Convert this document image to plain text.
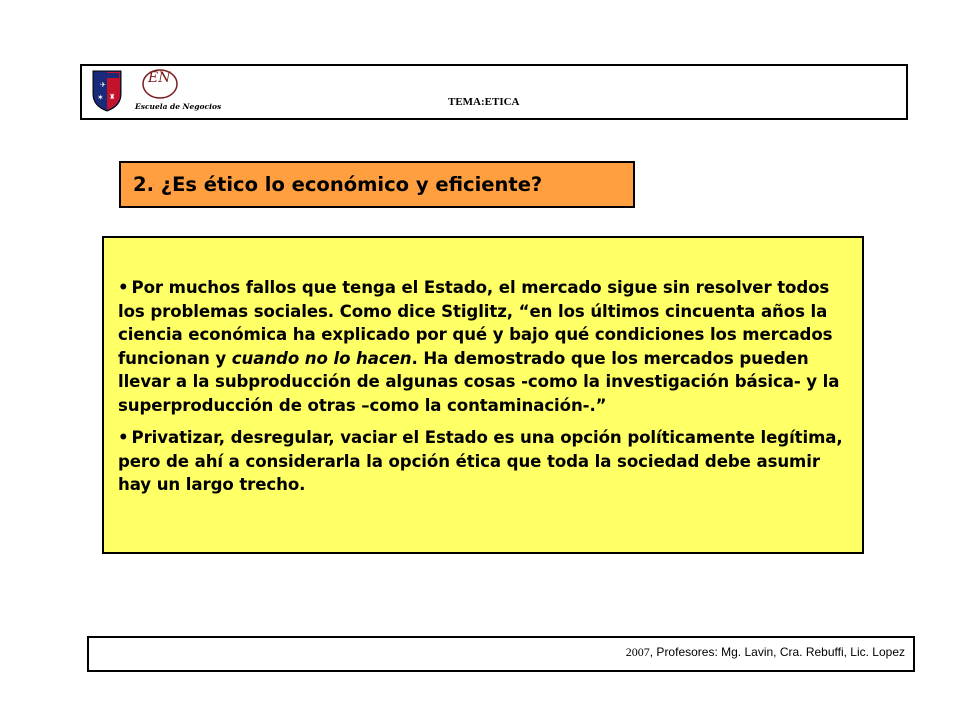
✈
✶ ♜
EN
Escuela de Negocios	TEMA:ETICA
2. ¿Es ético lo económico y eficiente?

• Por muchos fallos que tenga el Estado, el mercado sigue sin resolver todos los problemas sociales. Como dice Stiglitz, “en los últimos cincuenta años la ciencia económica ha explicado por qué y bajo qué condiciones los mercados funcionan y cuando no lo hacen. Ha demostrado que los mercados pueden llevar a la subproducción de algunas cosas -como la investigación básica- y la superproducción de otras –como la contaminación-.”

• Privatizar, desregular, vaciar el Estado es una opción políticamente legítima, pero de ahí a considerarla la opción ética que toda la sociedad debe asumir hay un largo trecho.

2007, Profesores: Mg. Lavin, Cra. Rebuffi, Lic. Lopez
